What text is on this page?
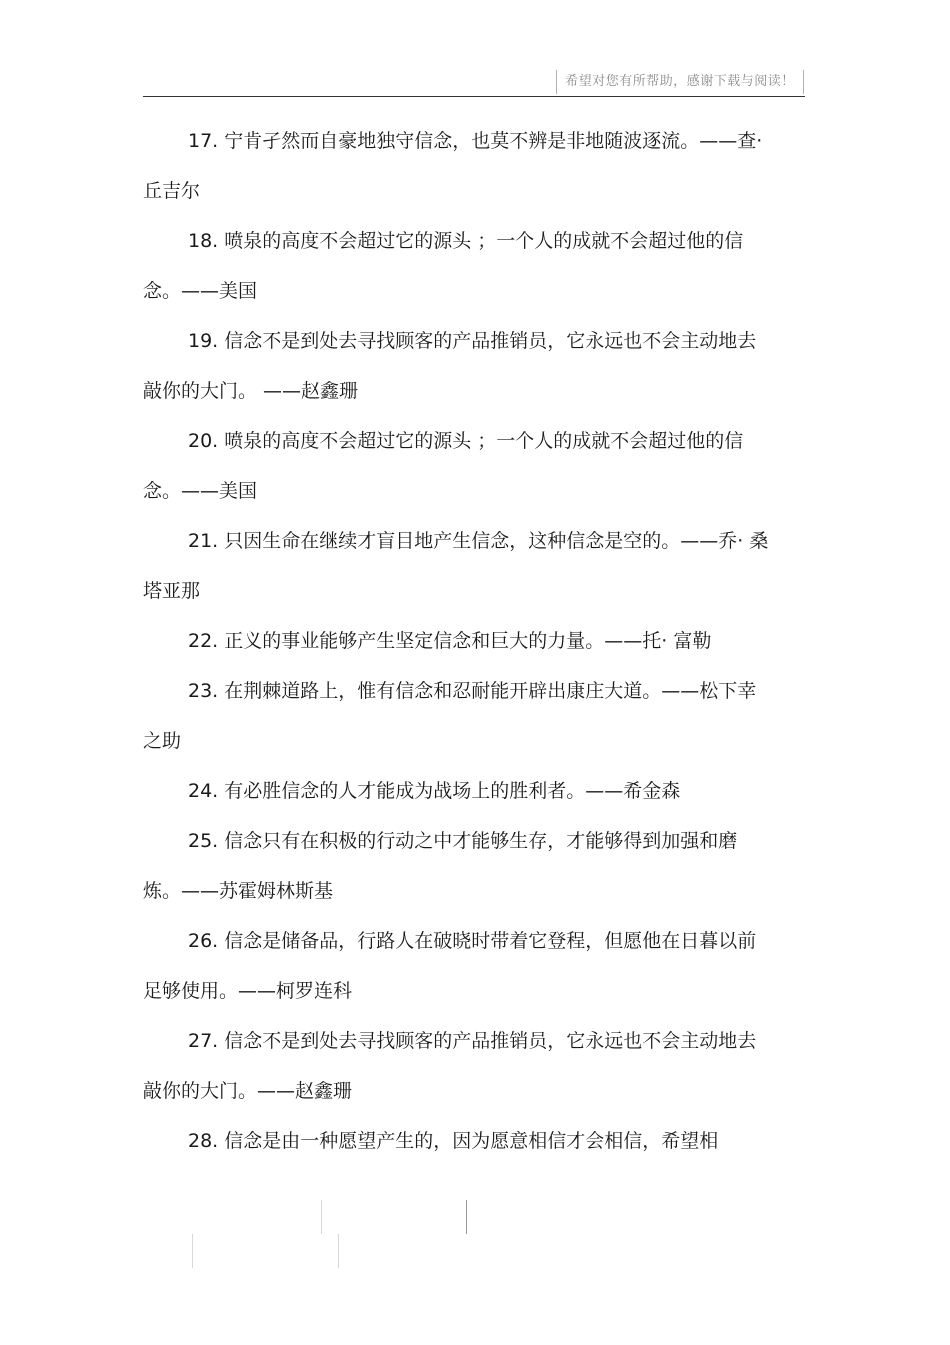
希望对您有所帮助，感谢下载与阅读！

17. 宁肯孑然而自豪地独守信念，也莫不辨是非地随波逐流。——查· 丘吉尔

18. 喷泉的高度不会超过它的源头 ；一个人的成就不会超过他的信念。——美国

19. 信念不是到处去寻找顾客的产品推销员，它永远也不会主动地去敲你的大门。 ——赵鑫珊

20. 喷泉的高度不会超过它的源头 ；一个人的成就不会超过他的信念。——美国

21. 只因生命在继续才盲目地产生信念，这种信念是空的。——乔· 桑塔亚那

22. 正义的事业能够产生坚定信念和巨大的力量。——托· 富勒

23. 在荆棘道路上，惟有信念和忍耐能开辟出康庄大道。——松下幸之助

24. 有必胜信念的人才能成为战场上的胜利者。——希金森

25. 信念只有在积极的行动之中才能够生存，才能够得到加强和磨炼。——苏霍姆林斯基

26. 信念是储备品，行路人在破晓时带着它登程，但愿他在日暮以前足够使用。——柯罗连科

27. 信念不是到处去寻找顾客的产品推销员，它永远也不会主动地去敲你的大门。——赵鑫珊

28. 信念是由一种愿望产生的，因为愿意相信才会相信，希望相
